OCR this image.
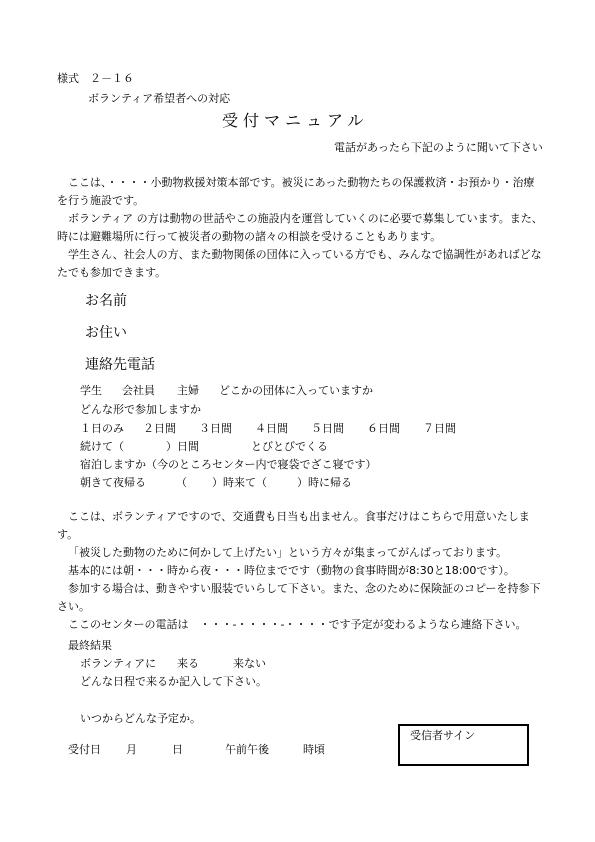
様式　２－１６
ボランティア希望者への対応
受付マニュアル
電話があったら下記のように聞いて下さい

ここは、・・・・小動物救援対策本部です。被災にあった動物たちの保護救済・お預かり・治療を行う施設です。

ボランティア の方は動物の世話やこの施設内を運営していくのに必要で募集しています。また、時には避難場所に行って被災者の動物の諸々の相談を受けることもあります。

学生さん、社会人の方、また動物関係の団体に入っている方でも、みんなで協調性があればどなたでも参加できます。

お名前
お住い
連絡先電話
学生 会社員 主婦 どこかの団体に入っていますか
どんな形で参加しますか
１日のみ ２日間 ３日間 ４日間 ５日間 ６日間 ７日間
続けて（	）日間	とびとびでくる
宿泊しますか（今のところセンター内で寝袋でざこ寝です）
朝きて夜帰る	（ ）時来て（	）時に帰る

ここは、ボランティアですので、交通費も日当も出ません。食事だけはこちらで用意いたします。

「被災した動物のために何かして上げたい」という方々が集まってがんばっております。

基本的には朝・・・時から夜・・・時位までです（動物の食事時間が8:30と18:00です）。

参加する場合は、動きやすい服装でいらして下さい。また、念のために保険証のコピーを持参下さい。

ここのセンターの電話は　・・・-・・・・-・・・・です予定が変わるようなら連絡下さい。

最終結果
ボランティアに 来る	来ない
どんな日程で来るか記入して下さい。
いつからどんな予定か。
受付日 月	日	午前午後	時頃
受信者サイン
